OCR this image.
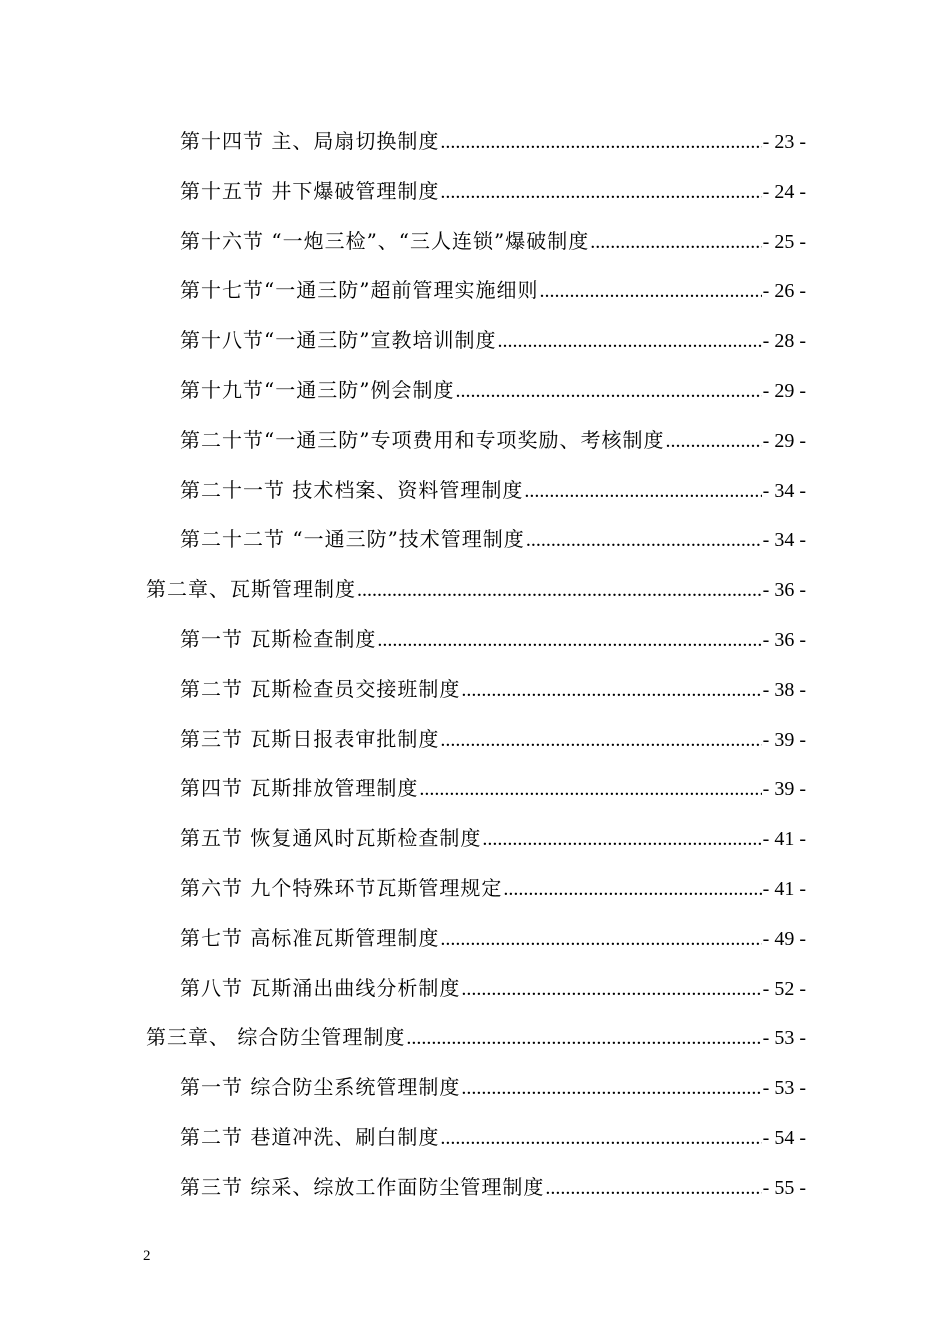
第十四节 主、局扇切换制度 .....	- 23 -
第十五节 井下爆破管理制度 .....	- 24 -
第十六节 “一炮三检”、“三人连锁”爆破制度 .....	- 25 -
第十七节“一通三防”超前管理实施细则 .....	- 26 -
第十八节“一通三防”宣教培训制度 .....	- 28 -
第十九节“一通三防”例会制度 .....	- 29 -
第二十节“一通三防”专项费用和专项奖励、考核制度 .....	- 29 -
第二十一节 技术档案、资料管理制度 .....	- 34 -
第二十二节 “一通三防”技术管理制度 .....	- 34 -
第二章、瓦斯管理制度 .....	- 36 -
第一节 瓦斯检查制度 .....	- 36 -
第二节 瓦斯检查员交接班制度 .....	- 38 -
第三节 瓦斯日报表审批制度 .....	- 39 -
第四节 瓦斯排放管理制度 .....	- 39 -
第五节 恢复通风时瓦斯检查制度 .....	- 41 -
第六节 九个特殊环节瓦斯管理规定 .....	- 41 -
第七节 高标准瓦斯管理制度 .....	- 49 -
第八节 瓦斯涌出曲线分析制度 .....	- 52 -
第三章、 综合防尘管理制度 .....	- 53 -
第一节 综合防尘系统管理制度 .....	- 53 -
第二节 巷道冲洗、刷白制度 .....	- 54 -
第三节 综采、综放工作面防尘管理制度 .....	- 55 -
2
